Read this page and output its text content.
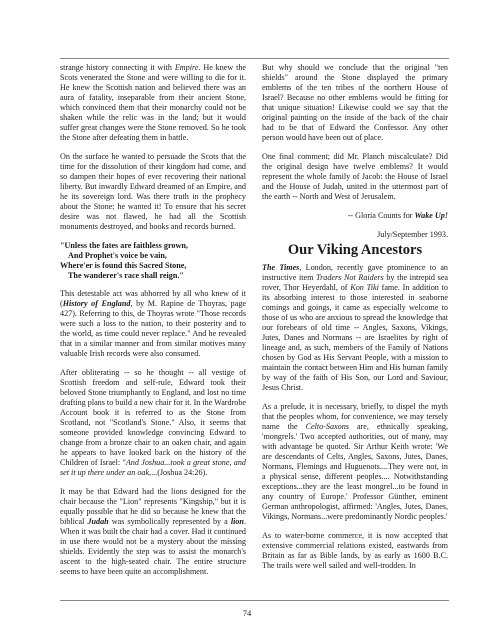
strange history connecting it with Empire. He knew the Scots venerated the Stone and were willing to die for it. He knew the Scottish nation and believed there was an aura of fatality, inseparable from their ancient Stone, which convinced them that their monarchy could not be shaken while the relic was in the land; but it would suffer great changes were the Stone removed. So he took the Stone after defeating them in battle.

On the surface he wanted to persuade the Scots that the time for the dissolution of their kingdom had come, and so dampen their hopes of ever recovering their national liberty. But inwardly Edward dreamed of an Empire, and he its sovereign lord. Was there truth in the prophecy about the Stone; he wanted it! To ensure that his secret desire was not flawed, he had all the Scottish monuments destroyed, and books and records burned.

"Unless the fates are faithless grown,
And Prophet's voice be vain,
Where'er is found this Sacred Stone,
The wanderer's race shall reign."

This detestable act was abhorred by all who knew of it (History of England, by M. Rapine de Thoyras, page 427). Referring to this, de Thoyras wrote "Those records were such a loss to the nation, to their posterity and to the world, as time could never replace." And he revealed that in a similar manner and from similar motives many valuable Irish records were also consumed.

After obliterating -- so he thought -- all vestige of Scottish freedom and self-rule, Edward took their beloved Stone triumphantly to England, and lost no time drafting plans to build a new chair for it. In the Wardrobe Account book it is referred to as the Stone from Scotland, not "Scotland's Stone." Also, it seems that someone provided knowledge convincing Edward to change from a bronze chair to an oaken chair, and again he appears to have looked back on the history of the Children of Israel: "And Joshua...took a great stone, and set it up there under an oak,...(Joshua 24:26).

It may be that Edward had the lions designed for the chair because the "Lion" represents "Kingship," but it is equally possible that he did so because he knew that the biblical Judah was symbolically represented by a lion. When it was built the chair had a cover. Had it continued in use there would not be a mystery about the missing shields. Evidently the step was to assist the monarch's ascent to the high-seated chair. The entire structure seems to have been quite an accomplishment.

But why should we conclude that the original "ten shields" around the Stone displayed the primary emblems of the ten tribes of the northern House of Israel? Because no other emblems would be fitting for that unique situation! Likewise could we say that the original painting on the inside of the back of the chair had to be that of Edward the Confessor. Any other person would have been out of place.

One final comment; did Mr. Planch miscalculate? Did the original design have twelve emblems? It would represent the whole family of Jacob: the House of Israel and the House of Judah, united in the uttermost part of the earth -- North and West of Jerusalem.

-- Gloria Counts for Wake Up!

July/September 1993.

Our Viking Ancestors

The Times, London, recently gave prominence to an instructive item Traders Not Raiders by the intrepid sea rover, Thor Heyerdahl, of Kon Tiki fame. In addition to its absorbing interest to those interested in seaborne comings and goings, it came as especially welcome to those of us who are anxious to spread the knowledge that our forebears of old time -- Angles, Saxons, Vikings, Jutes, Danes and Normans -- are Israelites by right of lineage and, as such, members of the Family of Nations chosen by God as His Servant People, with a mission to maintain the contact between Him and His human family by way of the faith of His Son, our Lord and Saviour, Jesus Christ.

As a prelude, it is necessary, briefly, to dispel the myth that the peoples whom, for convenience, we may tersely name the Celto-Saxons are, ethnically speaking, 'mongrels.' Two accepted authorities, out of many, may with advantage be quoted. Sir Arthur Keith wrote: 'We are descendants of Celts, Angles, Saxons, Jutes, Danes, Normans, Flemings and Huguenots....They were not, in a physical sense, different peoples.... Notwithstanding exceptions...they are the least mongrel...to be found in any country of Europe.' Professor Günther, eminent German anthropologist, affirmed: 'Angles, Jutes, Danes, Vikings, Normans...were predominantly Nordic peoples.'

As to water-borne commerce, it is now accepted that extensive commercial relations existed, eastwards from Britain as far as Bible lands, by as early as 1600 B.C. The trails were well sailed and well-trodden. In

74
